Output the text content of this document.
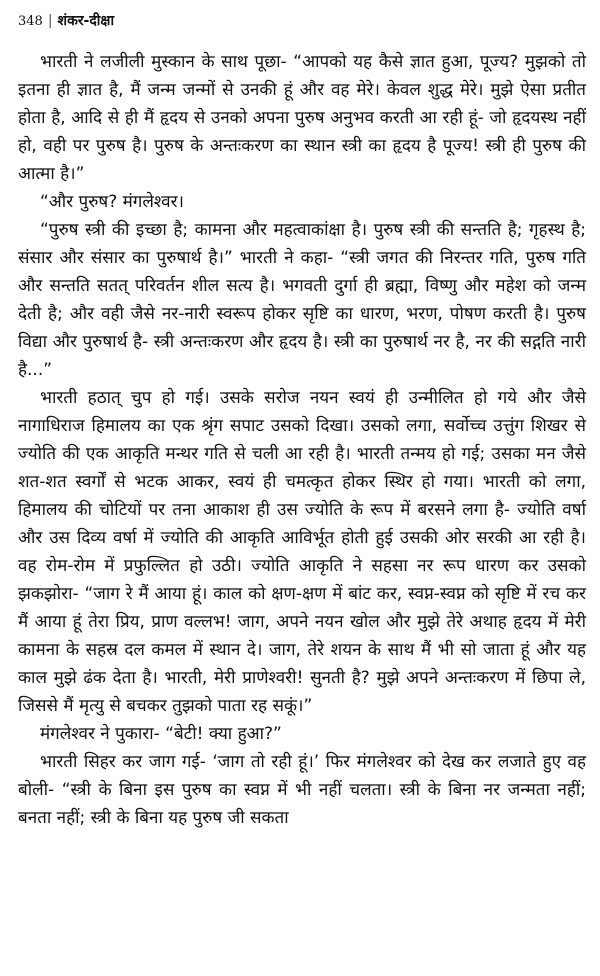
348 | शंकर-दीक्षा

भारती ने लजीली मुस्कान के साथ पूछा- “आपको यह कैसे ज्ञात हुआ, पूज्य? मुझको तो इतना ही ज्ञात है, मैं जन्म जन्मों से उनकी हूं और वह मेरे। केवल शुद्ध मेरे। मुझे ऐसा प्रतीत होता है, आदि से ही मैं हृदय से उनको अपना पुरुष अनुभव करती आ रही हूं- जो हृदयस्थ नहीं हो, वही पर पुरुष है। पुरुष के अन्तःकरण का स्थान स्त्री का हृदय है पूज्य! स्त्री ही पुरुष की आत्मा है।”

“और पुरुष? मंगलेश्वर।

“पुरुष स्त्री की इच्छा है; कामना और महत्वाकांक्षा है। पुरुष स्त्री की सन्तति है; गृहस्थ है; संसार और संसार का पुरुषार्थ है।” भारती ने कहा- “स्त्री जगत की निरन्तर गति, पुरुष गति और सन्तति सतत् परिवर्तन शील सत्य है। भगवती दुर्गा ही ब्रह्मा, विष्णु और महेश को जन्म देती है; और वही जैसे नर-नारी स्वरूप होकर सृष्टि का धारण, भरण, पोषण करती है। पुरुष विद्या और पुरुषार्थ है- स्त्री अन्तःकरण और हृदय है। स्त्री का पुरुषार्थ नर है, नर की सद्गति नारी है...”

भारती हठात् चुप हो गई। उसके सरोज नयन स्वयं ही उन्मीलित हो गये और जैसे नागाधिराज हिमालय का एक श्रृंग सपाट उसको दिखा। उसको लगा, सर्वोच्च उत्तुंग शिखर से ज्योति की एक आकृति मन्थर गति से चली आ रही है। भारती तन्मय हो गई; उसका मन जैसे शत-शत स्वर्गों से भटक आकर, स्वयं ही चमत्कृत होकर स्थिर हो गया। भारती को लगा, हिमालय की चोटियों पर तना आकाश ही उस ज्योति के रूप में बरसने लगा है- ज्योति वर्षा और उस दिव्य वर्षा में ज्योति की आकृति आविर्भूत होती हुई उसकी ओर सरकी आ रही है। वह रोम-रोम में प्रफुल्लित हो उठी। ज्योति आकृति ने सहसा नर रूप धारण कर उसको झकझोरा- “जाग रे मैं आया हूं। काल को क्षण-क्षण में बांट कर, स्वप्न-स्वप्न को सृष्टि में रच कर मैं आया हूं तेरा प्रिय, प्राण वल्लभ! जाग, अपने नयन खोल और मुझे तेरे अथाह हृदय में मेरी कामना के सहस्र दल कमल में स्थान दे। जाग, तेरे शयन के साथ मैं भी सो जाता हूं और यह काल मुझे ढंक देता है। भारती, मेरी प्राणेश्वरी! सुनती है? मुझे अपने अन्तःकरण में छिपा ले, जिससे मैं मृत्यु से बचकर तुझको पाता रह सकूं।”

मंगलेश्वर ने पुकारा- “बेटी! क्या हुआ?”

भारती सिहर कर जाग गई- ‘जाग तो रही हूं।’ फिर मंगलेश्वर को देख कर लजाते हुए वह बोली- “स्त्री के बिना इस पुरुष का स्वप्न में भी नहीं चलता। स्त्री के बिना नर जन्मता नहीं; बनता नहीं; स्त्री के बिना यह पुरुष जी सकता
